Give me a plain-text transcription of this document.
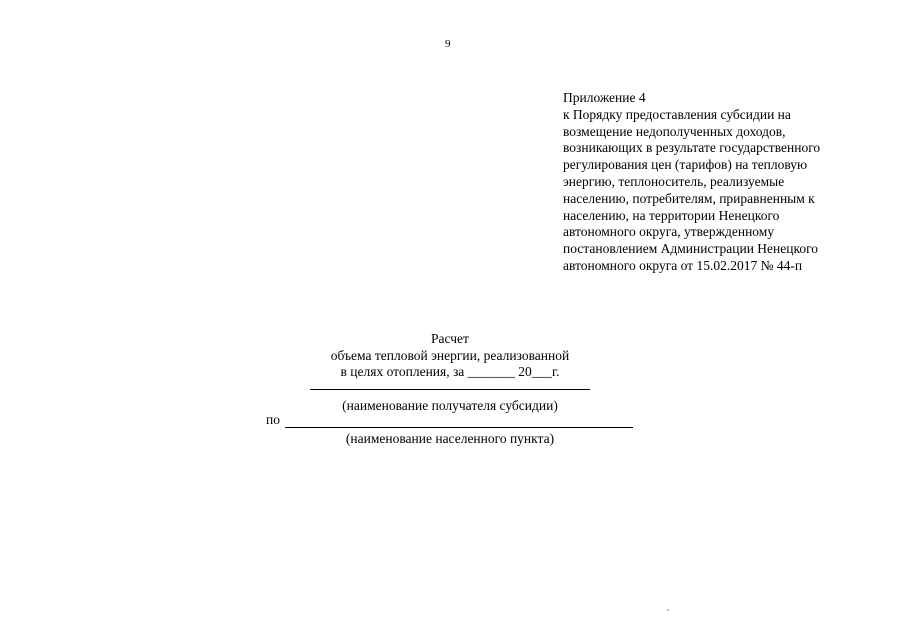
9
Приложение 4
к Порядку предоставления субсидии на
возмещение недополученных доходов,
возникающих в результате государственного
регулирования цен (тарифов) на тепловую
энергию, теплоноситель, реализуемые
населению, потребителям, приравненным к
населению, на территории Ненецкого
автономного округа, утвержденному
постановлением Администрации Ненецкого
автономного округа от 15.02.2017 № 44-п
Расчет
объема тепловой энергии, реализованной
в целях отопления, за _______ 20___г.
(наименование получателя субсидии)
по
(наименование населенного пункта)
